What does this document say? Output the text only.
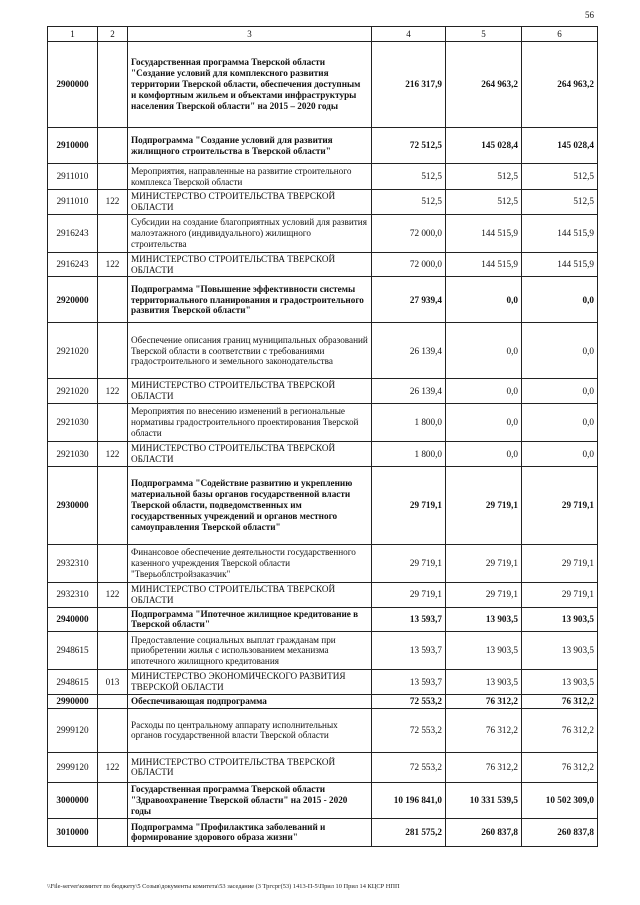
56
1	2	3	4	5	6
2900000		Государственная программа Тверской области "Создание условий для комплексного развития территории Тверской области, обеспечения доступным и комфортным жильем и объектами инфраструктуры населения Тверской области" на 2015 – 2020 годы	216 317,9	264 963,2	264 963,2
2910000		Подпрограмма "Создание условий для развития жилищного строительства в Тверской области"	72 512,5	145 028,4	145 028,4
2911010		Мероприятия, направленные на развитие строительного комплекса Тверской области	512,5	512,5	512,5
2911010	122	МИНИСТЕРСТВО СТРОИТЕЛЬСТВА ТВЕРСКОЙ ОБЛАСТИ	512,5	512,5	512,5
2916243		Субсидии на создание благоприятных условий для развития малоэтажного (индивидуального) жилищного строительства	72 000,0	144 515,9	144 515,9
2916243	122	МИНИСТЕРСТВО СТРОИТЕЛЬСТВА ТВЕРСКОЙ ОБЛАСТИ	72 000,0	144 515,9	144 515,9
2920000		Подпрограмма "Повышение эффективности системы территориального планирования и градостроительного развития Тверской области"	27 939,4	0,0	0,0
2921020		Обеспечение описания границ муниципальных образований Тверской области в соответствии с требованиями градостроительного и земельного законодательства	26 139,4	0,0	0,0
2921020	122	МИНИСТЕРСТВО СТРОИТЕЛЬСТВА ТВЕРСКОЙ ОБЛАСТИ	26 139,4	0,0	0,0
2921030		Мероприятия по внесению изменений в региональные нормативы градостроительного проектирования Тверской области	1 800,0	0,0	0,0
2921030	122	МИНИСТЕРСТВО СТРОИТЕЛЬСТВА ТВЕРСКОЙ ОБЛАСТИ	1 800,0	0,0	0,0
2930000		Подпрограмма "Содействие развитию и укреплению материальной базы органов государственной власти Тверской области, подведомственных им государственных учреждений и органов местного самоуправления Тверской области"	29 719,1	29 719,1	29 719,1
2932310		Финансовое обеспечение деятельности государственного казенного учреждения Тверской области "Тверьоблстройзаказчик"	29 719,1	29 719,1	29 719,1
2932310	122	МИНИСТЕРСТВО СТРОИТЕЛЬСТВА ТВЕРСКОЙ ОБЛАСТИ	29 719,1	29 719,1	29 719,1
2940000		Подпрограмма "Ипотечное жилищное кредитование в Тверской области"	13 593,7	13 903,5	13 903,5
2948615		Предоставление социальных выплат гражданам при приобретении жилья с использованием механизма ипотечного жилищного кредитования	13 593,7	13 903,5	13 903,5
2948615	013	МИНИСТЕРСТВО ЭКОНОМИЧЕСКОГО РАЗВИТИЯ ТВЕРСКОЙ ОБЛАСТИ	13 593,7	13 903,5	13 903,5
2990000		Обеспечивающая подпрограмма	72 553,2	76 312,2	76 312,2
2999120		Расходы по центральному аппарату исполнительных органов государственной власти Тверской области	72 553,2	76 312,2	76 312,2
2999120	122	МИНИСТЕРСТВО СТРОИТЕЛЬСТВА ТВЕРСКОЙ ОБЛАСТИ	72 553,2	76 312,2	76 312,2
3000000		Государственная программа Тверской области "Здравоохранение Тверской области" на 2015 - 2020 годы	10 196 841,0	10 331 539,5	10 502 309,0
3010000		Подпрограмма "Профилактика заболеваний и формирование здорового образа жизни"	281 575,2	260 837,8	260 837,8
\\File-server\комитет по бюджету\5 Созыв\документы комитета\53 заседание (3 Тргсрг(53) 1413-П-5\Прил 10 Прил 14 КЦСР НПП
